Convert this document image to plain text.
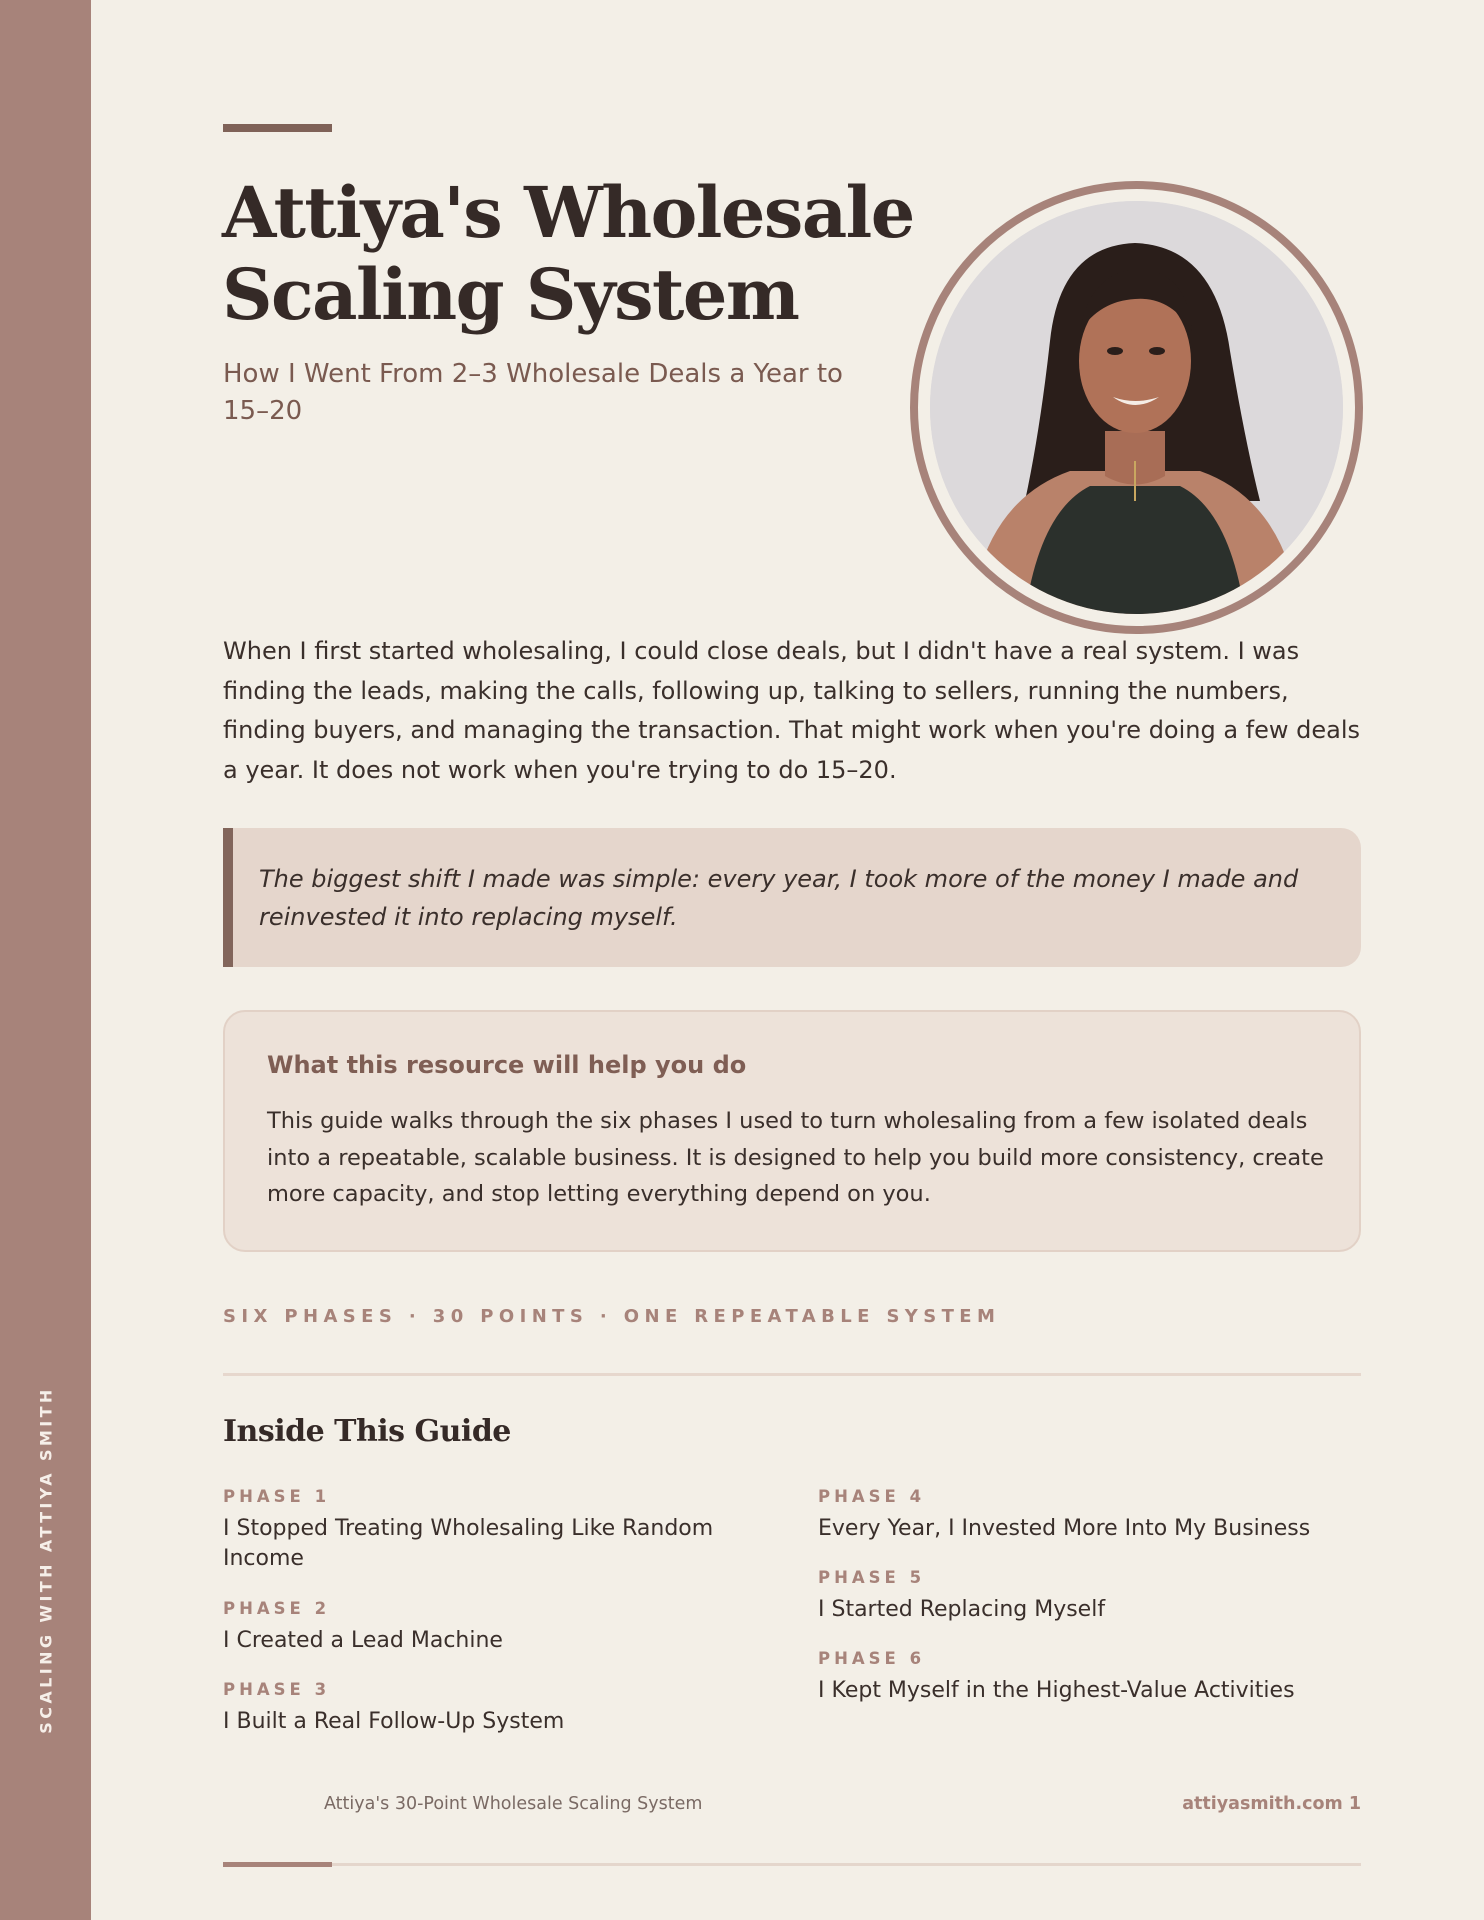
SCALING WITH ATTIYA SMITH
Attiya's Wholesale Scaling System
How I Went From 2–3 Wholesale Deals a Year to 15–20

When I first started wholesaling, I could close deals, but I didn't have a real system. I was finding the leads, making the calls, following up, talking to sellers, running the numbers, finding buyers, and managing the transaction. That might work when you're doing a few deals a year. It does not work when you're trying to do 15–20.

The biggest shift I made was simple: every year, I took more of the money I made and reinvested it into replacing myself.

What this resource will help you do

This guide walks through the six phases I used to turn wholesaling from a few isolated deals into a repeatable, scalable business. It is designed to help you build more consistency, create more capacity, and stop letting everything depend on you.

SIX PHASES · 30 POINTS · ONE REPEATABLE SYSTEM
Inside This Guide
PHASE 1
I Stopped Treating Wholesaling Like Random Income
PHASE 2
I Created a Lead Machine
PHASE 3
I Built a Real Follow-Up System
PHASE 4
Every Year, I Invested More Into My Business
PHASE 5
I Started Replacing Myself
PHASE 6
I Kept Myself in the Highest-Value Activities
Attiya's 30-Point Wholesale Scaling System	attiyasmith.com 1
